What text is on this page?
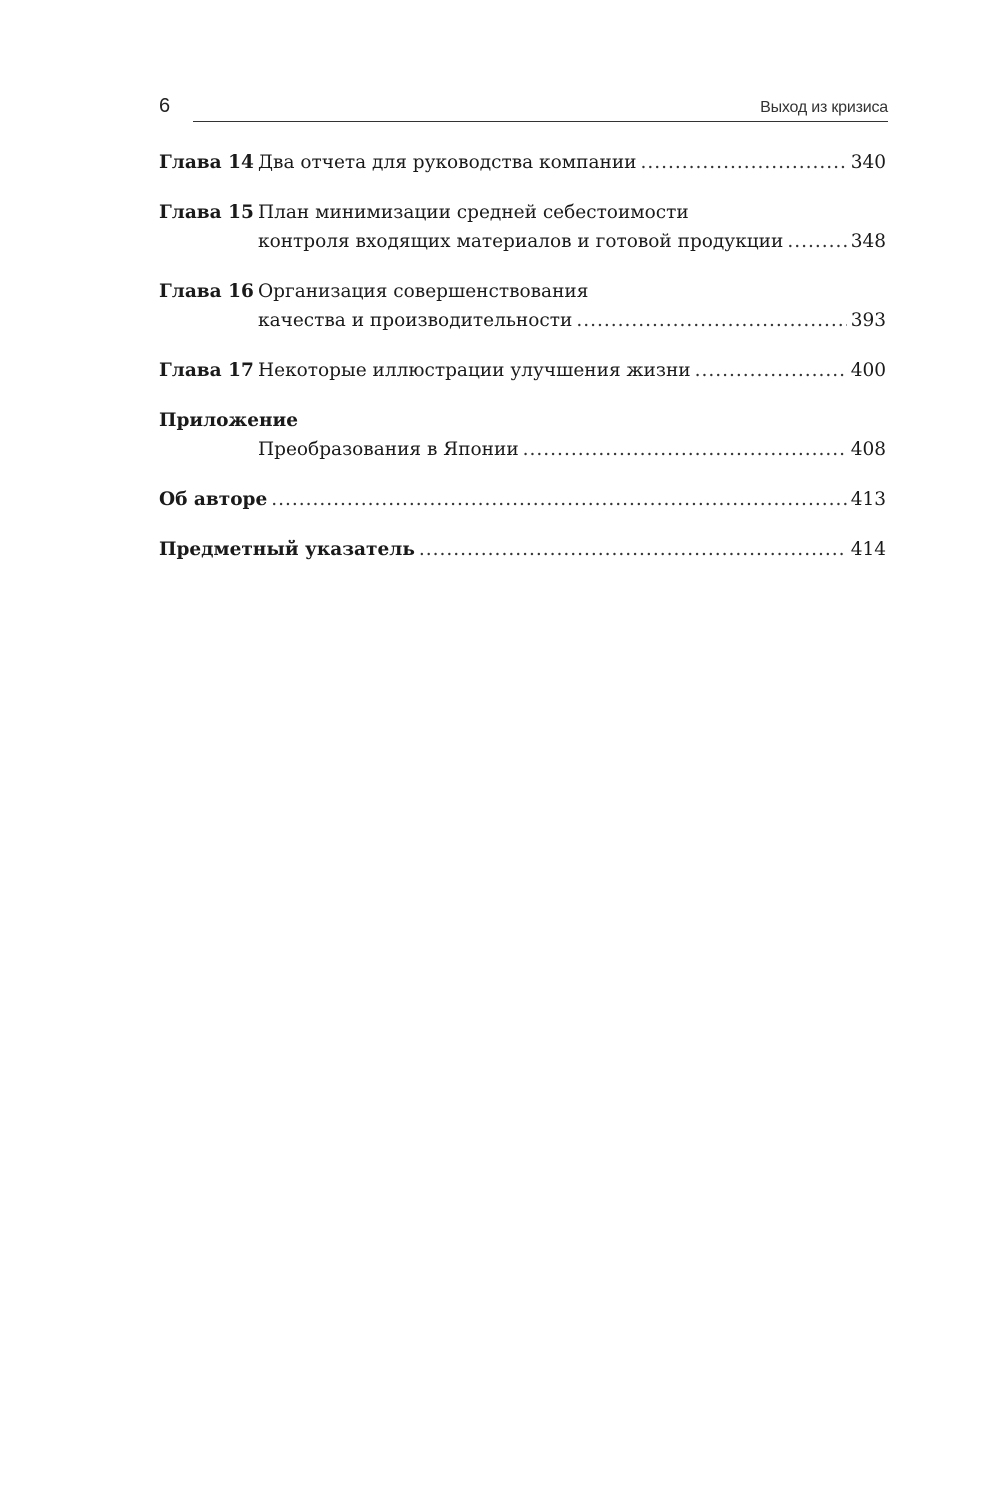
6	Выход из кризиса
Глава 14 Два отчета для руководства компании .....	340
Глава 15 План минимизации средней себестоимости
контроля входящих материалов и готовой продукции .....	348
Глава 16 Организация совершенствования
качества и производительности .....	393
Глава 17 Некоторые иллюстрации улучшения жизни .....	400
Приложение
Преобразования в Японии .....	408
Об авторе .....	413
Предметный указатель .....	414
